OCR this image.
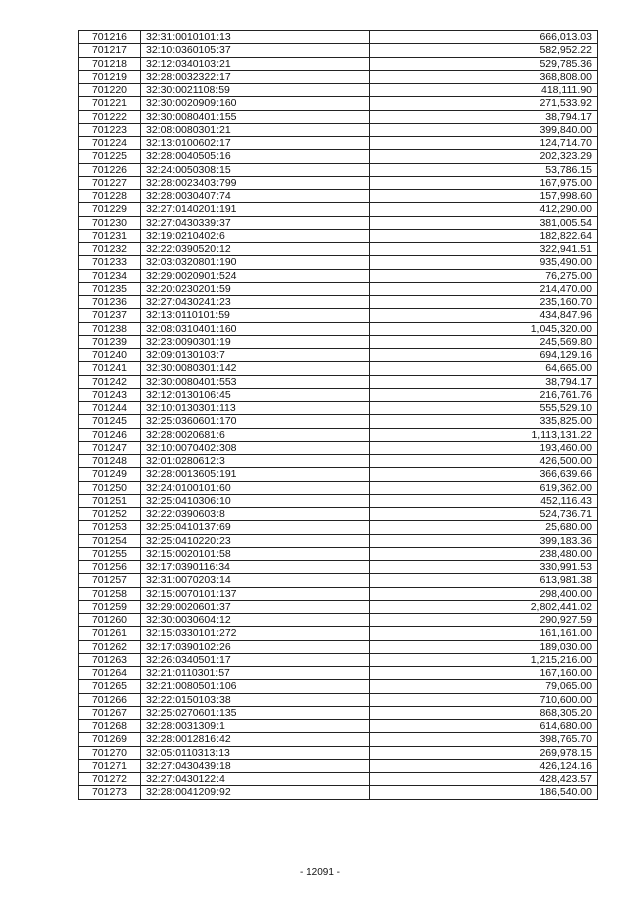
701216	32:31:0010101:13	666,013.03
701217	32:10:0360105:37	582,952.22
701218	32:12:0340103:21	529,785.36
701219	32:28:0032322:17	368,808.00
701220	32:30:0021108:59	418,111.90
701221	32:30:0020909:160	271,533.92
701222	32:30:0080401:155	38,794.17
701223	32:08:0080301:21	399,840.00
701224	32:13:0100602:17	124,714.70
701225	32:28:0040505:16	202,323.29
701226	32:24:0050308:15	53,786.15
701227	32:28:0023403:799	167,975.00
701228	32:28:0030407:74	157,998.60
701229	32:27:0140201:191	412,290.00
701230	32:27:0430339:37	381,005.54
701231	32:19:0210402:6	182,822.64
701232	32:22:0390520:12	322,941.51
701233	32:03:0320801:190	935,490.00
701234	32:29:0020901:524	76,275.00
701235	32:20:0230201:59	214,470.00
701236	32:27:0430241:23	235,160.70
701237	32:13:0110101:59	434,847.96
701238	32:08:0310401:160	1,045,320.00
701239	32:23:0090301:19	245,569.80
701240	32:09:0130103:7	694,129.16
701241	32:30:0080301:142	64,665.00
701242	32:30:0080401:553	38,794.17
701243	32:12:0130106:45	216,761.76
701244	32:10:0130301:113	555,529.10
701245	32:25:0360601:170	335,825.00
701246	32:28:0020681:6	1,113,131.22
701247	32:10:0070402:308	193,460.00
701248	32:01:0280612:3	426,500.00
701249	32:28:0013605:191	366,639.66
701250	32:24:0100101:60	619,362.00
701251	32:25:0410306:10	452,116.43
701252	32:22:0390603:8	524,736.71
701253	32:25:0410137:69	25,680.00
701254	32:25:0410220:23	399,183.36
701255	32:15:0020101:58	238,480.00
701256	32:17:0390116:34	330,991.53
701257	32:31:0070203:14	613,981.38
701258	32:15:0070101:137	298,400.00
701259	32:29:0020601:37	2,802,441.02
701260	32:30:0030604:12	290,927.59
701261	32:15:0330101:272	161,161.00
701262	32:17:0390102:26	189,030.00
701263	32:26:0340501:17	1,215,216.00
701264	32:21:0110301:57	167,160.00
701265	32:21:0080501:106	79,065.00
701266	32:22:0150103:38	710,600.00
701267	32:25:0270601:135	868,305.20
701268	32:28:0031309:1	614,680.00
701269	32:28:0012816:42	398,765.70
701270	32:05:0110313:13	269,978.15
701271	32:27:0430439:18	426,124.16
701272	32:27:0430122:4	428,423.57
701273	32:28:0041209:92	186,540.00
- 12091 -
